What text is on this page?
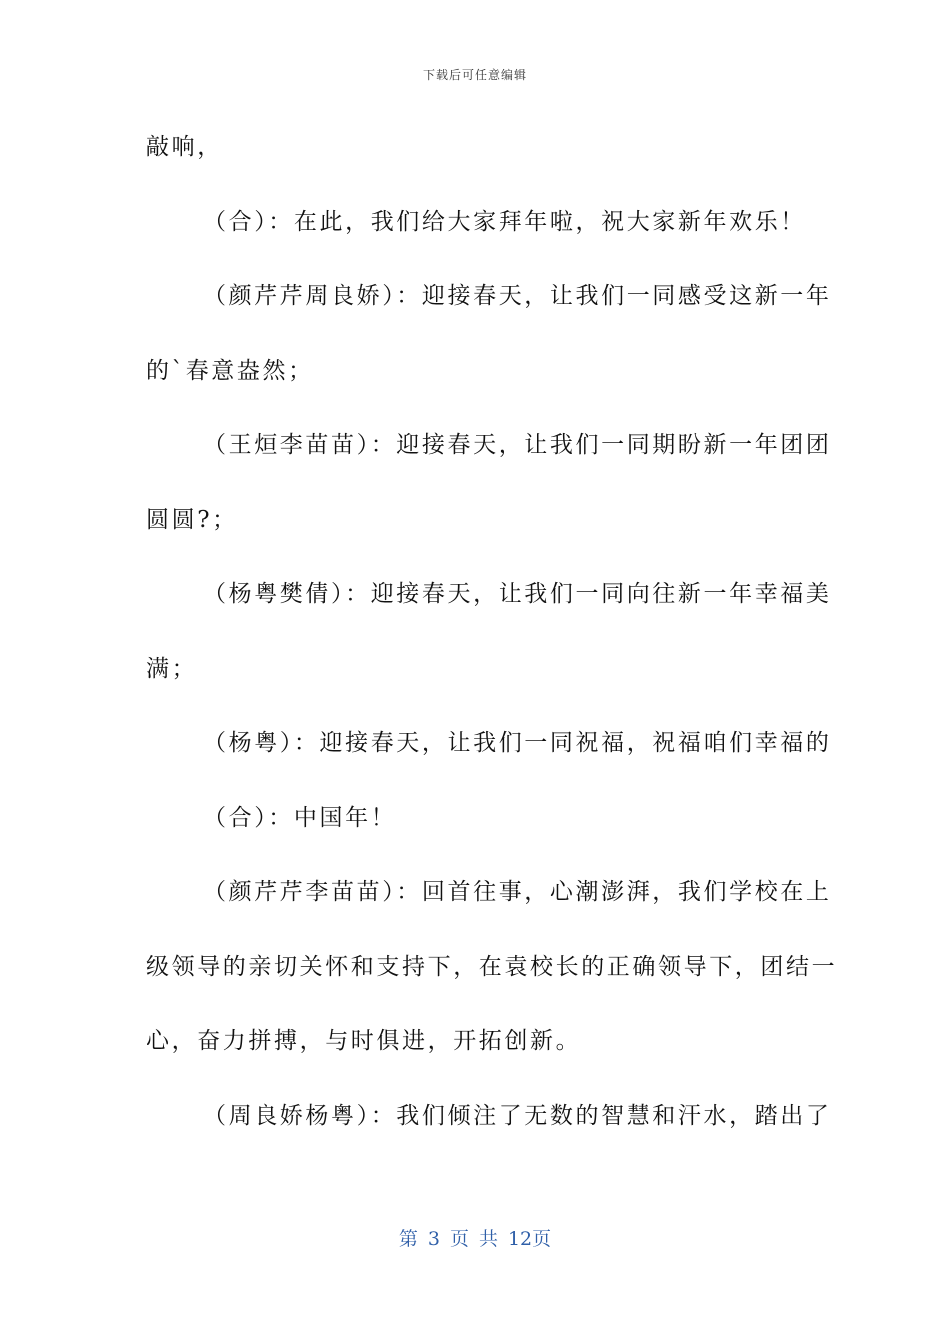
下载后可任意编辑
敲响，
（合）：在此，我们给大家拜年啦，祝大家新年欢乐！
（颜芹芹周良娇）：迎接春天，让我们一同感受这新一年
的`春意盎然；
（王烜李苗苗）：迎接春天，让我们一同期盼新一年团团
圆圆?；
（杨粤樊倩）：迎接春天，让我们一同向往新一年幸福美
满；
（杨粤）：迎接春天，让我们一同祝福，祝福咱们幸福的
（合）：中国年！
（颜芹芹李苗苗）：回首往事，心潮澎湃，我们学校在上
级领导的亲切关怀和支持下，在袁校长的正确领导下，团结一
心，奋力拼搏，与时俱进，开拓创新。
（周良娇杨粤）：我们倾注了无数的智慧和汗水，踏出了
第 3 页 共 12页
